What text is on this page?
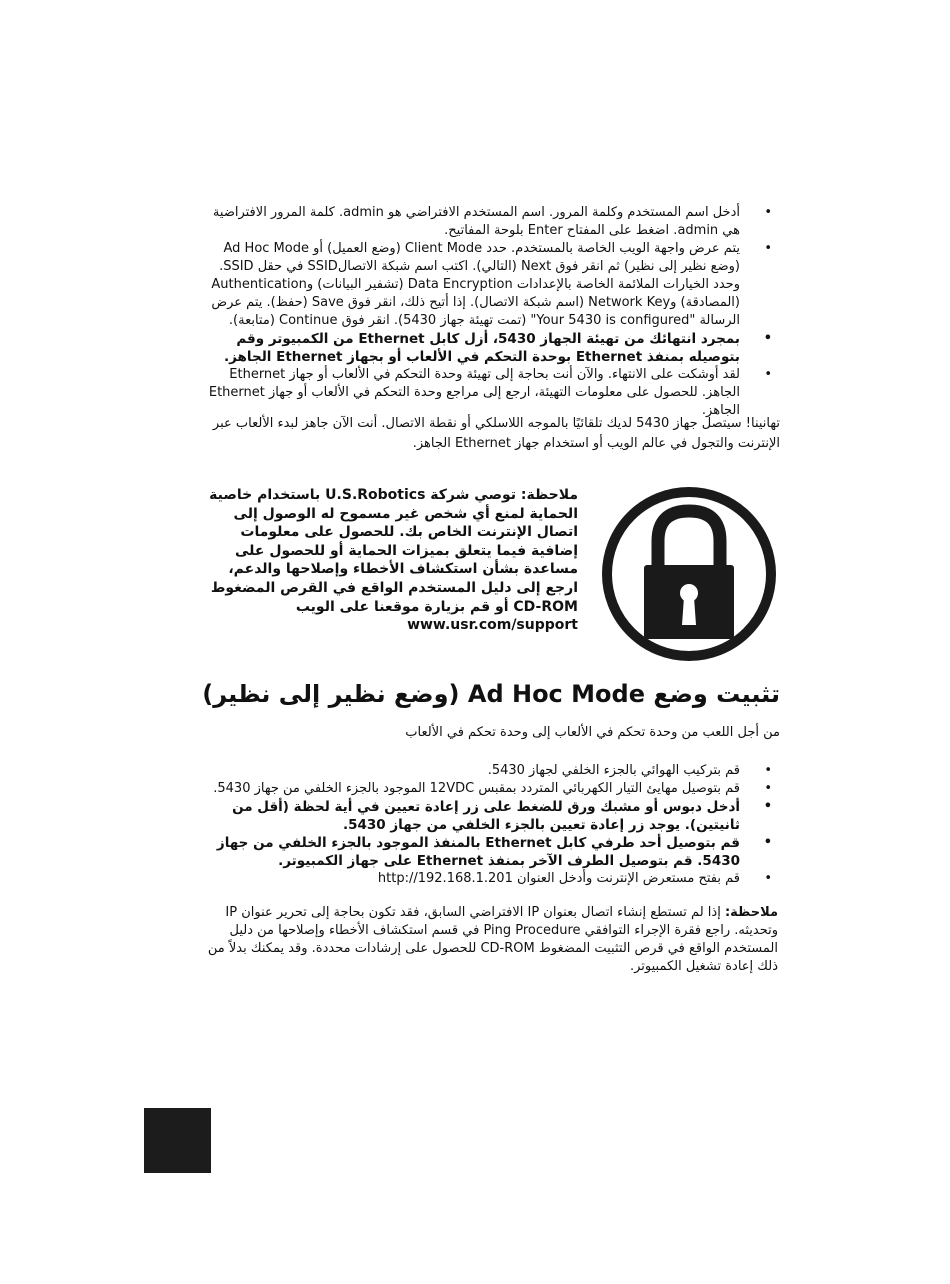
• أدخل اسم المستخدم وكلمة المرور. اسم المستخدم الافتراضي هو admin. كلمة المرور الافتراضية هي admin. اضغط على المفتاح Enter بلوحة المفاتيح.
• يتم عرض واجهة الويب الخاصة بالمستخدم. حدد Client Mode (وضع العميل) أو Ad Hoc Mode (وضع نظير إلى نظير) ثم انقر فوق Next (التالي). اكتب اسم شبكة الاتصالSSID في حقل SSID. وحدد الخيارات الملائمة الخاصة بالإعدادات Data Encryption (تشفير البيانات) وAuthentication (المصادقة) وNetwork Key (اسم شبكة الاتصال). إذا أتيح ذلك، انقر فوق Save (حفظ). يتم عرض الرسالة "Your 5430 is configured" (تمت تهيئة جهاز 5430). انقر فوق Continue (متابعة).
• بمجرد انتهائك من تهيئة الجهاز 5430، أزل كابل Ethernet من الكمبيوتر وقم بتوصيله بمنفذ Ethernet بوحدة التحكم في الألعاب أو بجهاز Ethernet الجاهز.
• لقد أوشكت على الانتهاء. والآن أنت بحاجة إلى تهيئة وحدة التحكم في الألعاب أو جهاز Ethernet الجاهز. للحصول على معلومات التهيئة، ارجع إلى مراجع وحدة التحكم في الألعاب أو جهاز Ethernet الجاهز.

تهانينا! سيتصل جهاز 5430 لديك تلقائيًا بالموجه اللاسلكي أو نقطة الاتصال. أنت الآن جاهز لبدء الألعاب عبر الإنترنت والتجول في عالم الويب أو استخدام جهاز Ethernet الجاهز.

ملاحظة: توصي شركة U.S.Robotics باستخدام خاصية الحماية لمنع أي شخص غير مسموح له الوصول إلى اتصال الإنترنت الخاص بك. للحصول على معلومات إضافية فيما يتعلق بميزات الحماية أو للحصول على مساعدة بشأن استكشاف الأخطاء وإصلاحها والدعم، ارجع إلى دليل المستخدم الواقع في القرص المضغوط CD-ROM أو قم بزيارة موقعنا على الويب
www.usr.com/support

تثبيت وضع Ad Hoc Mode (وضع نظير إلى نظير)

من أجل اللعب من وحدة تحكم في الألعاب إلى وحدة تحكم في الألعاب

• قم بتركيب الهوائي بالجزء الخلفي لجهاز 5430.
• قم بتوصيل مهايئ التيار الكهربائي المتردد بمقبس 12VDC الموجود بالجزء الخلفي من جهاز 5430.
• أدخل دبوس أو مشبك ورق للضغط على زر إعادة تعيين في أية لحظة (أقل من ثانيتين). يوجد زر إعادة تعيين بالجزء الخلفي من جهاز 5430.
• قم بتوصيل أحد طرفي كابل Ethernet بالمنفذ الموجود بالجزء الخلفي من جهاز 5430. قم بتوصيل الطرف الآخر بمنفذ Ethernet على جهاز الكمبيوتر.
• قم بفتح مستعرض الإنترنت وأدخل العنوان http://192.168.1.201

ملاحظة: إذا لم تستطع إنشاء اتصال بعنوان IP الافتراضي السابق، فقد تكون بحاجة إلى تحرير عنوان IP وتحديثه. راجع فقرة الإجراء التوافقي Ping Procedure في قسم استكشاف الأخطاء وإصلاحها من دليل المستخدم الواقع في قرص التثبيت المضغوط CD-ROM للحصول على إرشادات محددة. وقد يمكنك بدلاً من ذلك إعادة تشغيل الكمبيوتر.
